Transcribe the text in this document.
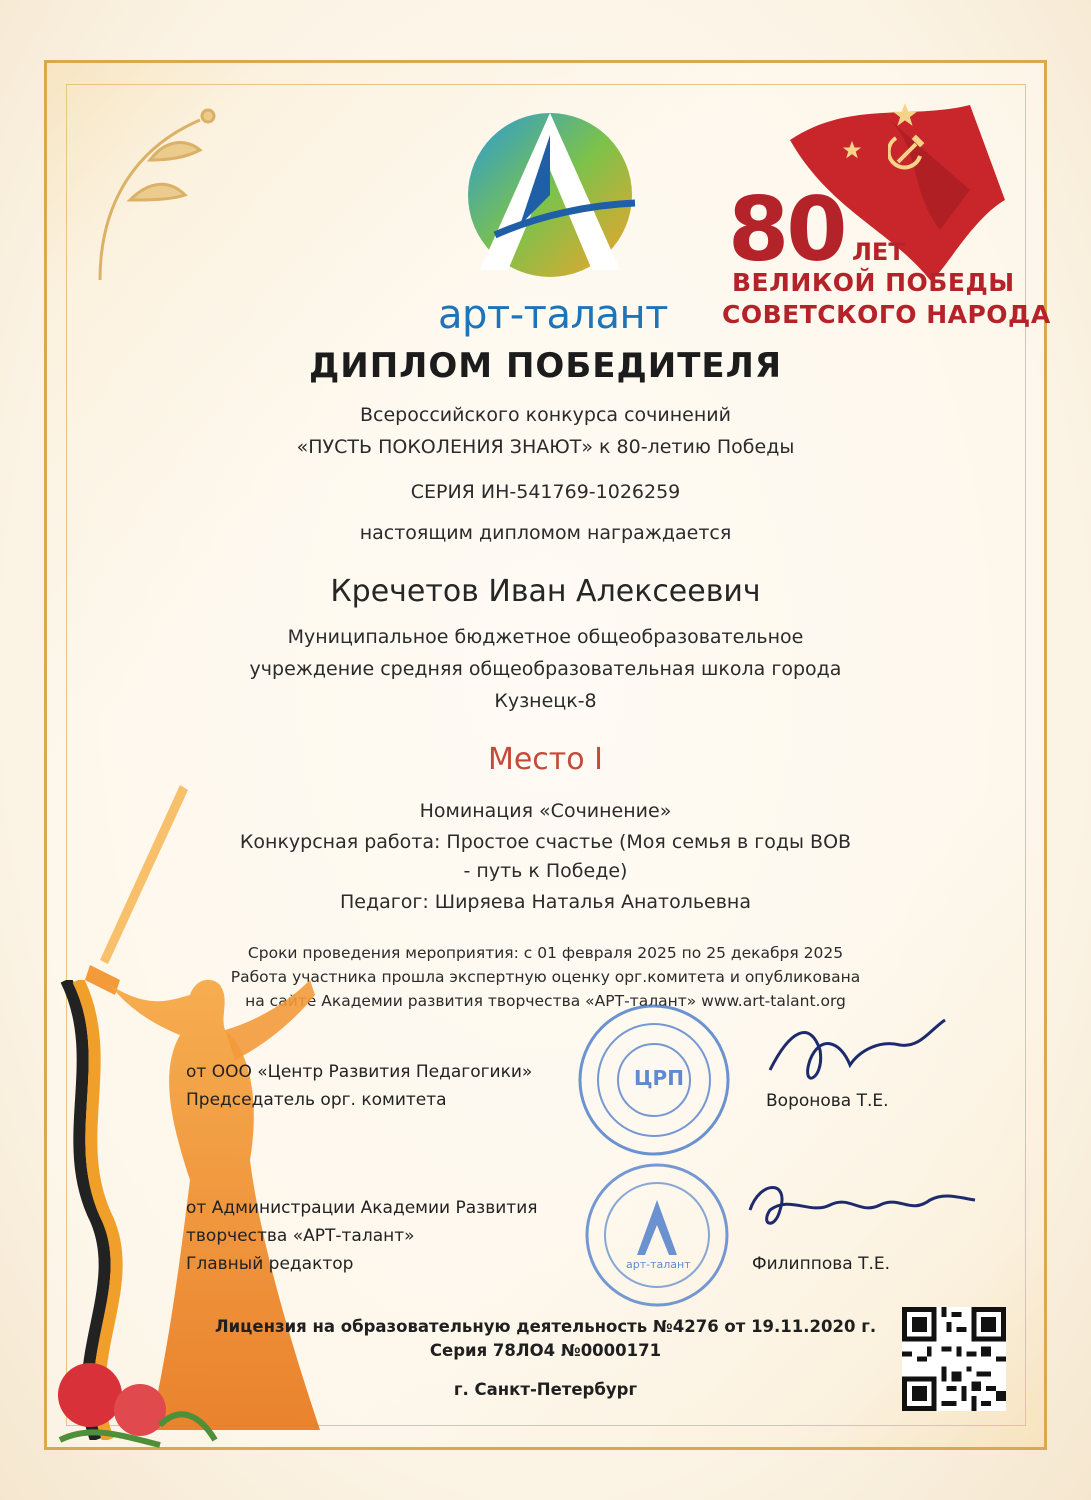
арт-талант
80 ЛЕТ
ВЕЛИКОЙ ПОБЕДЫ
СОВЕТСКОГО НАРОДА
ДИПЛОМ ПОБЕДИТЕЛЯ
Всероссийского конкурса сочинений
«ПУСТЬ ПОКОЛЕНИЯ ЗНАЮТ» к 80-летию Победы
СЕРИЯ ИН-541769-1026259
настоящим дипломом награждается
Кречетов Иван Алексеевич
Муниципальное бюджетное общеобразовательное
учреждение средняя общеобразовательная школа города
Кузнецк-8
Место I
Номинация «Сочинение»
Конкурсная работа: Простое счастье (Моя семья в годы ВОВ
- путь к Победе)
Педагог: Ширяева Наталья Анатольевна
Сроки проведения мероприятия: с 01 февраля 2025 по 25 декабря 2025
Работа участника прошла экспертную оценку орг.комитета и опубликована
на сайте Академии развития творчества «АРТ-талант» www.art-talant.org
от ООО «Центр Развития Педагогики»
Председатель орг. комитета
ЦРП
Воронова Т.Е.
от Администрации Академии Развития
творчества «АРТ-талант»
Главный редактор	арт-талант	Филиппова Т.Е.
Лицензия на образовательную деятельность №4276 от 19.11.2020 г.
Серия 78ЛО4 №0000171
г. Санкт-Петербург
